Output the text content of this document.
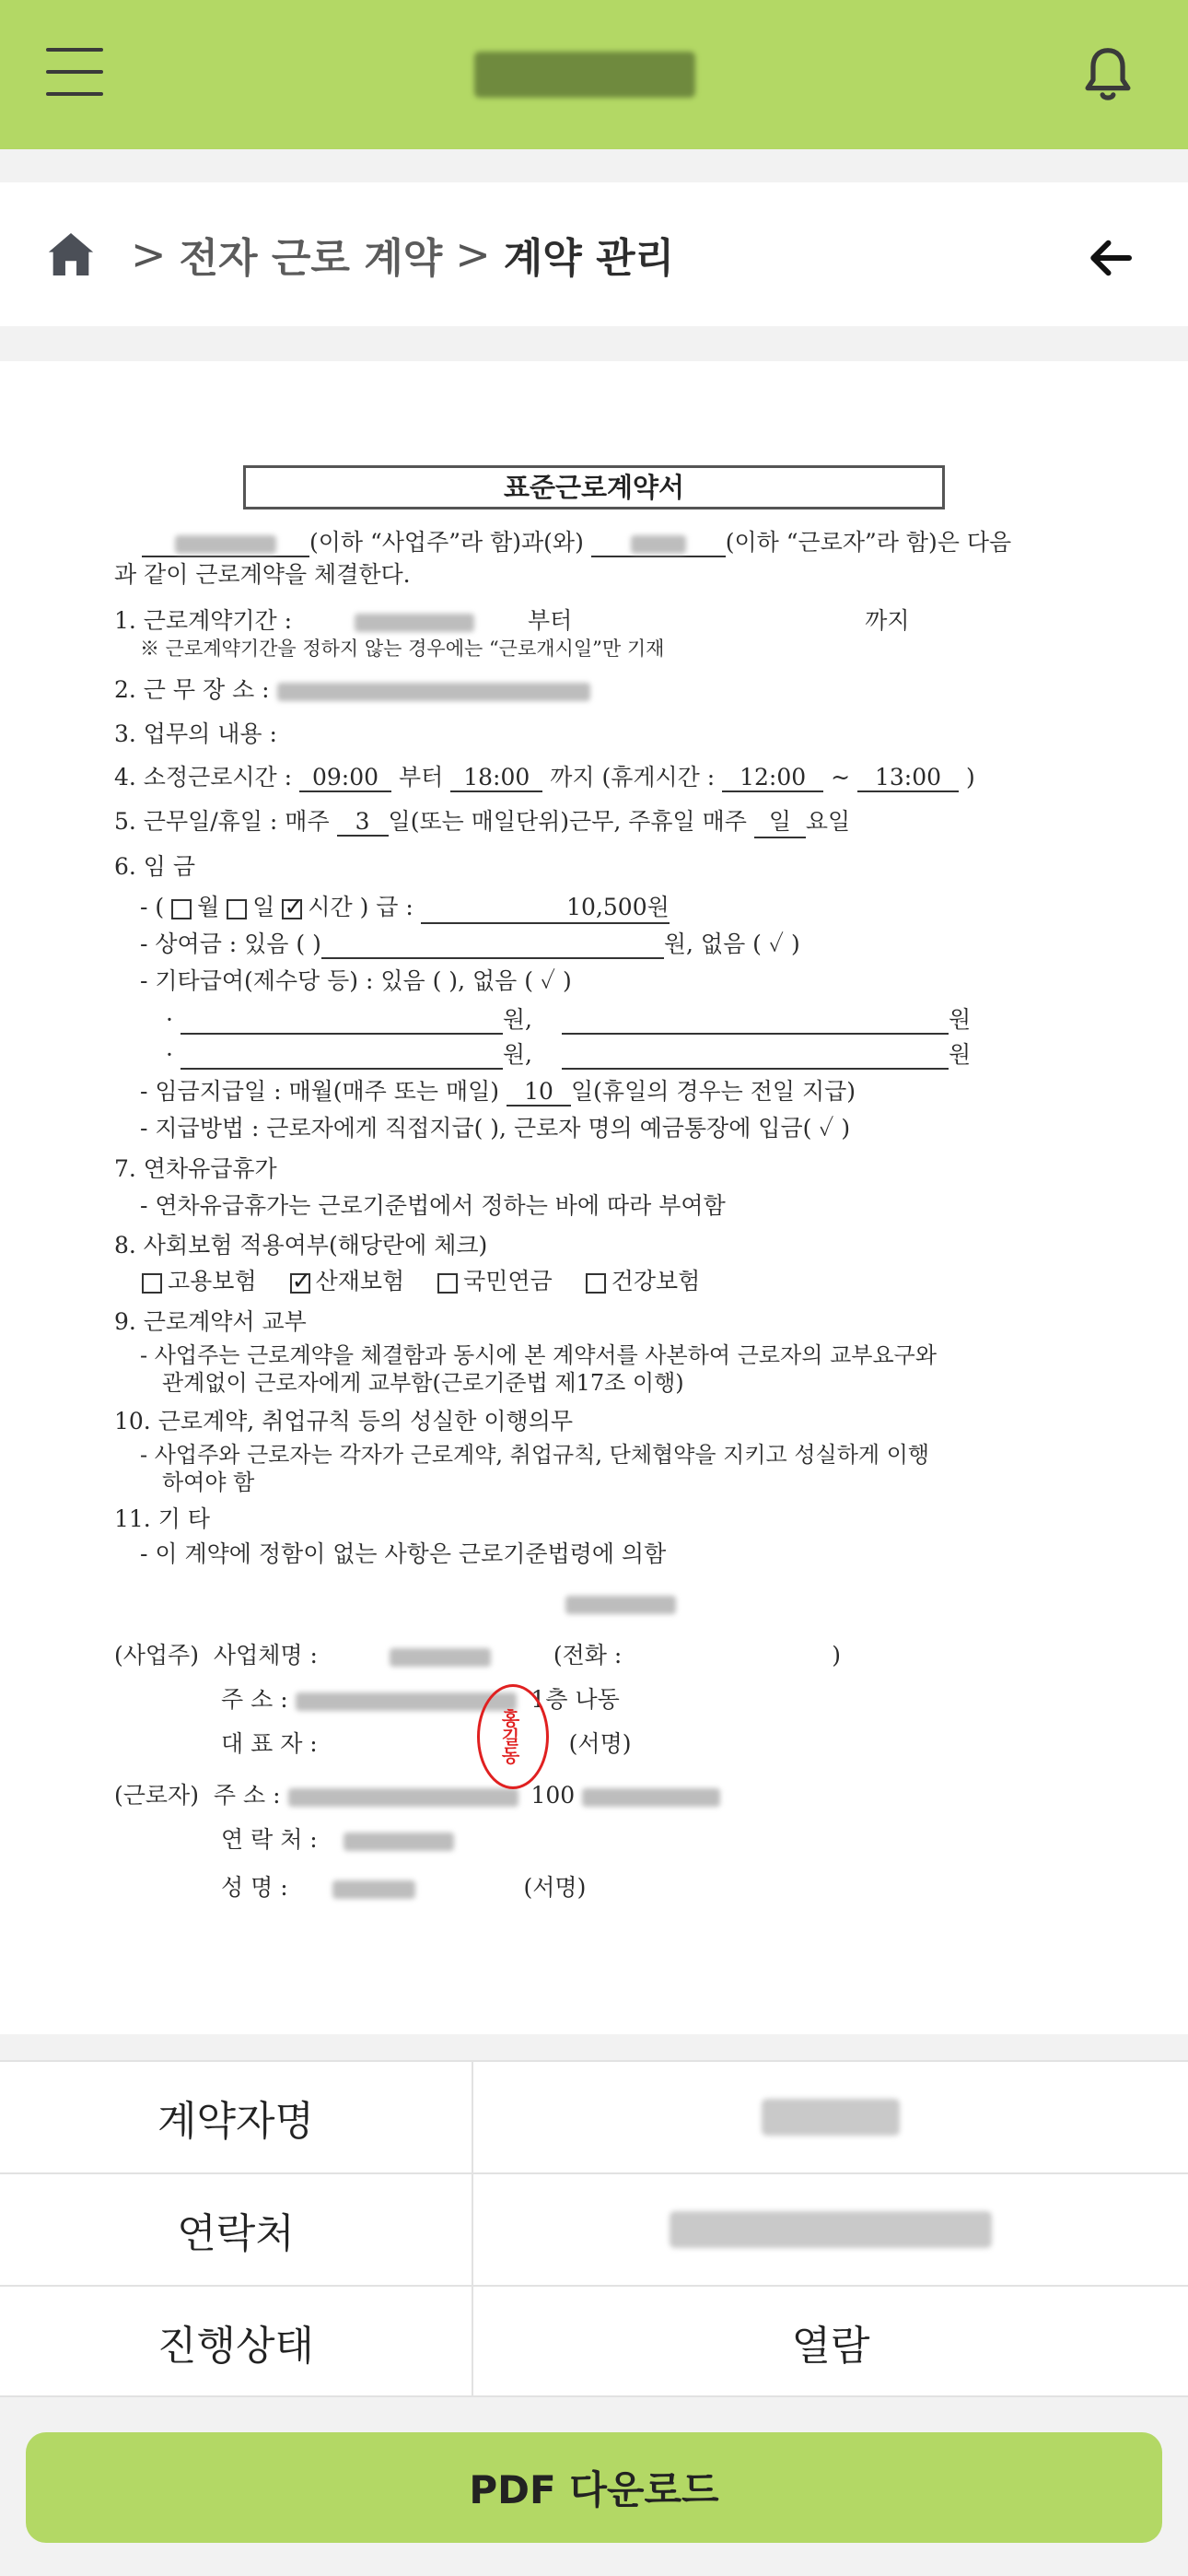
> 전자 근로 계약 > 계약 관리
표준근로계약서
(이하 “사업주”라 함)과(와)	(이하 “근로자”라 함)은 다음
과 같이 근로계약을 체결한다.
1. 근로계약기간 :	부터	까지
※ 근로계약기간을 정하지 않는 경우에는 “근로개시일”만 기재
2. 근 무 장 소 :
3. 업무의 내용 :
4. 소정근로시간 : 09:00 부터 18:00 까지 (휴게시간 : 12:00 ~ 13:00 )
5. 근무일/휴일 : 매주 3 일(또는 매일단위)근무, 주휴일 매주 일 요일
6. 임 금
- ( 월 일 ✓ 시간 ) 급 :	10,500원
- 상여금 : 있음 ( )	원, 없음 ( ✓ )
- 기타급여(제수당 등) : 있음 ( ), 없음 ( ✓ )
·	원,	원
·	원,	원
- 임금지급일 : 매월(매주 또는 매일) 10 일(휴일의 경우는 전일 지급)
- 지급방법 : 근로자에게 직접지급( ), 근로자 명의 예금통장에 입금( ✓ )
7. 연차유급휴가
- 연차유급휴가는 근로기준법에서 정하는 바에 따라 부여함
8. 사회보험 적용여부(해당란에 체크)
고용보험 ✓	산재보험	국민연금	건강보험
9. 근로계약서 교부
- 사업주는 근로계약을 체결함과 동시에 본 계약서를 사본하여 근로자의 교부요구와
관계없이 근로자에게 교부함(근로기준법 제17조 이행)
10. 근로계약, 취업규칙 등의 성실한 이행의무
- 사업주와 근로자는 각자가 근로계약, 취업규칙, 단체협약을 지키고 성실하게 이행
하여야 함
11. 기 타
- 이 계약에 정함이 없는 사항은 근로기준법령에 의함
(사업주) 사업체명 :	(전화 :	)
주 소 :	1층 나동
대 표 자 :	(서명)
(근로자) 주 소 :	100
연 락 처 :
성 명 :	(서명)
홍길동
계약자명
연락처
진행상태	열람
PDF 다운로드
